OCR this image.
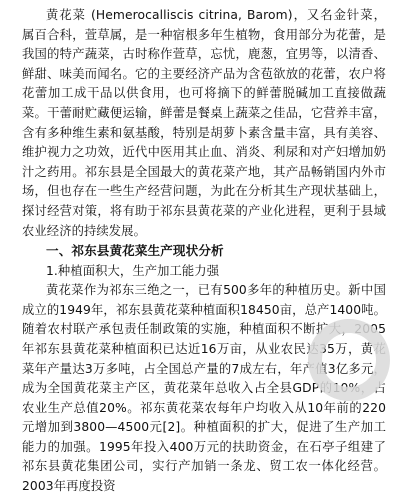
黄花菜 (Hemerocalliscis citrina, Barom)，又名金针菜，属百合科，萱草属，是一种宿根多年生植物，食用部分为花蕾，是我国的特产蔬菜，古时称作萱草，忘忧，鹿葱，宜男等，以清香、鲜甜、味美而闻名。它的主要经济产品为含苞欲放的花蕾，农户将花蕾加工成干品以供食用，也可将摘下的鲜蕾脱碱加工直接做蔬菜。干蕾耐贮藏便运输，鲜蕾是餐桌上蔬菜之佳品，它营养丰富，含有多种维生素和氨基酸，特别是胡萝卜素含量丰富，具有美容、维护视力之功效，近代中医用其止血、消炎、利尿和对产妇增加奶汁之药用。祁东县是全国最大的黄花菜产地，其产品畅销国内外市场，但也存在一些生产经营问题，为此在分析其生产现状基础上，探讨经营对策，将有助于祁东县黄花菜的产业化进程，更利于县域农业经济的持续发展。

一、祁东县黄花菜生产现状分析
1.种植面积大，生产加工能力强

黄花菜作为祁东三绝之一，已有500多年的种植历史。新中国成立的1949年，祁东县黄花菜种植面积18450亩，总产1400吨。随着农村联产承包责任制政策的实施，种植面积不断扩大，2005年祁东县黄花菜种植面积已达近16万亩，从业农民达35万，黄花菜年产量达3万多吨，占全国总产量的7成左右，年产值3亿多元，成为全国黄花菜主产区，黄花菜年总收入占全县GDP的10%，占农业生产总值20%。祁东黄花菜农每年户均收入从10年前的220元增加到3800—4500元[2]。种植面积的扩大，促进了生产加工能力的加强。1995年投入400万元的扶助资金，在石亭子组建了祁东县黄花集团公司，实行产加销一条龙、贸工农一体化经营。2003年再度投资
